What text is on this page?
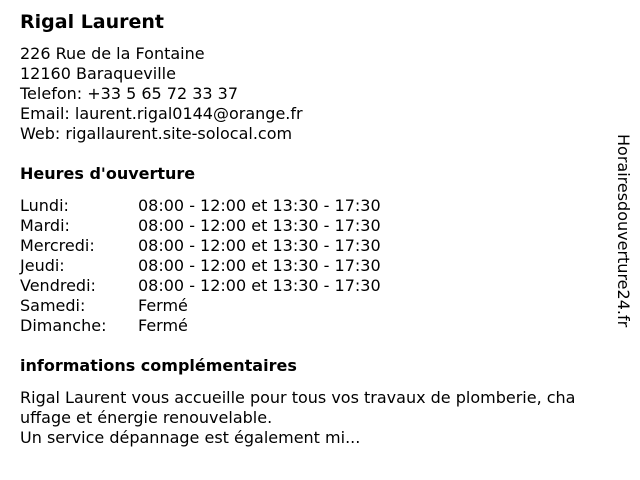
Rigal Laurent
226 Rue de la Fontaine
12160 Baraqueville
Telefon: +33 5 65 72 33 37
Email: laurent.rigal0144@orange.fr
Web: rigallaurent.site-solocal.com
Heures d'ouverture
Lundi:	08:00 - 12:00 et 13:30 - 17:30
Mardi:	08:00 - 12:00 et 13:30 - 17:30
Mercredi:	08:00 - 12:00 et 13:30 - 17:30
Jeudi:	08:00 - 12:00 et 13:30 - 17:30
Vendredi:	08:00 - 12:00 et 13:30 - 17:30
Samedi:	Fermé
Dimanche:	Fermé
informations complémentaires
Rigal Laurent vous accueille pour tous vos travaux de plomberie, cha
uffage et énergie renouvelable.
Un service dépannage est également mi...
Horairesdouverture24.fr
